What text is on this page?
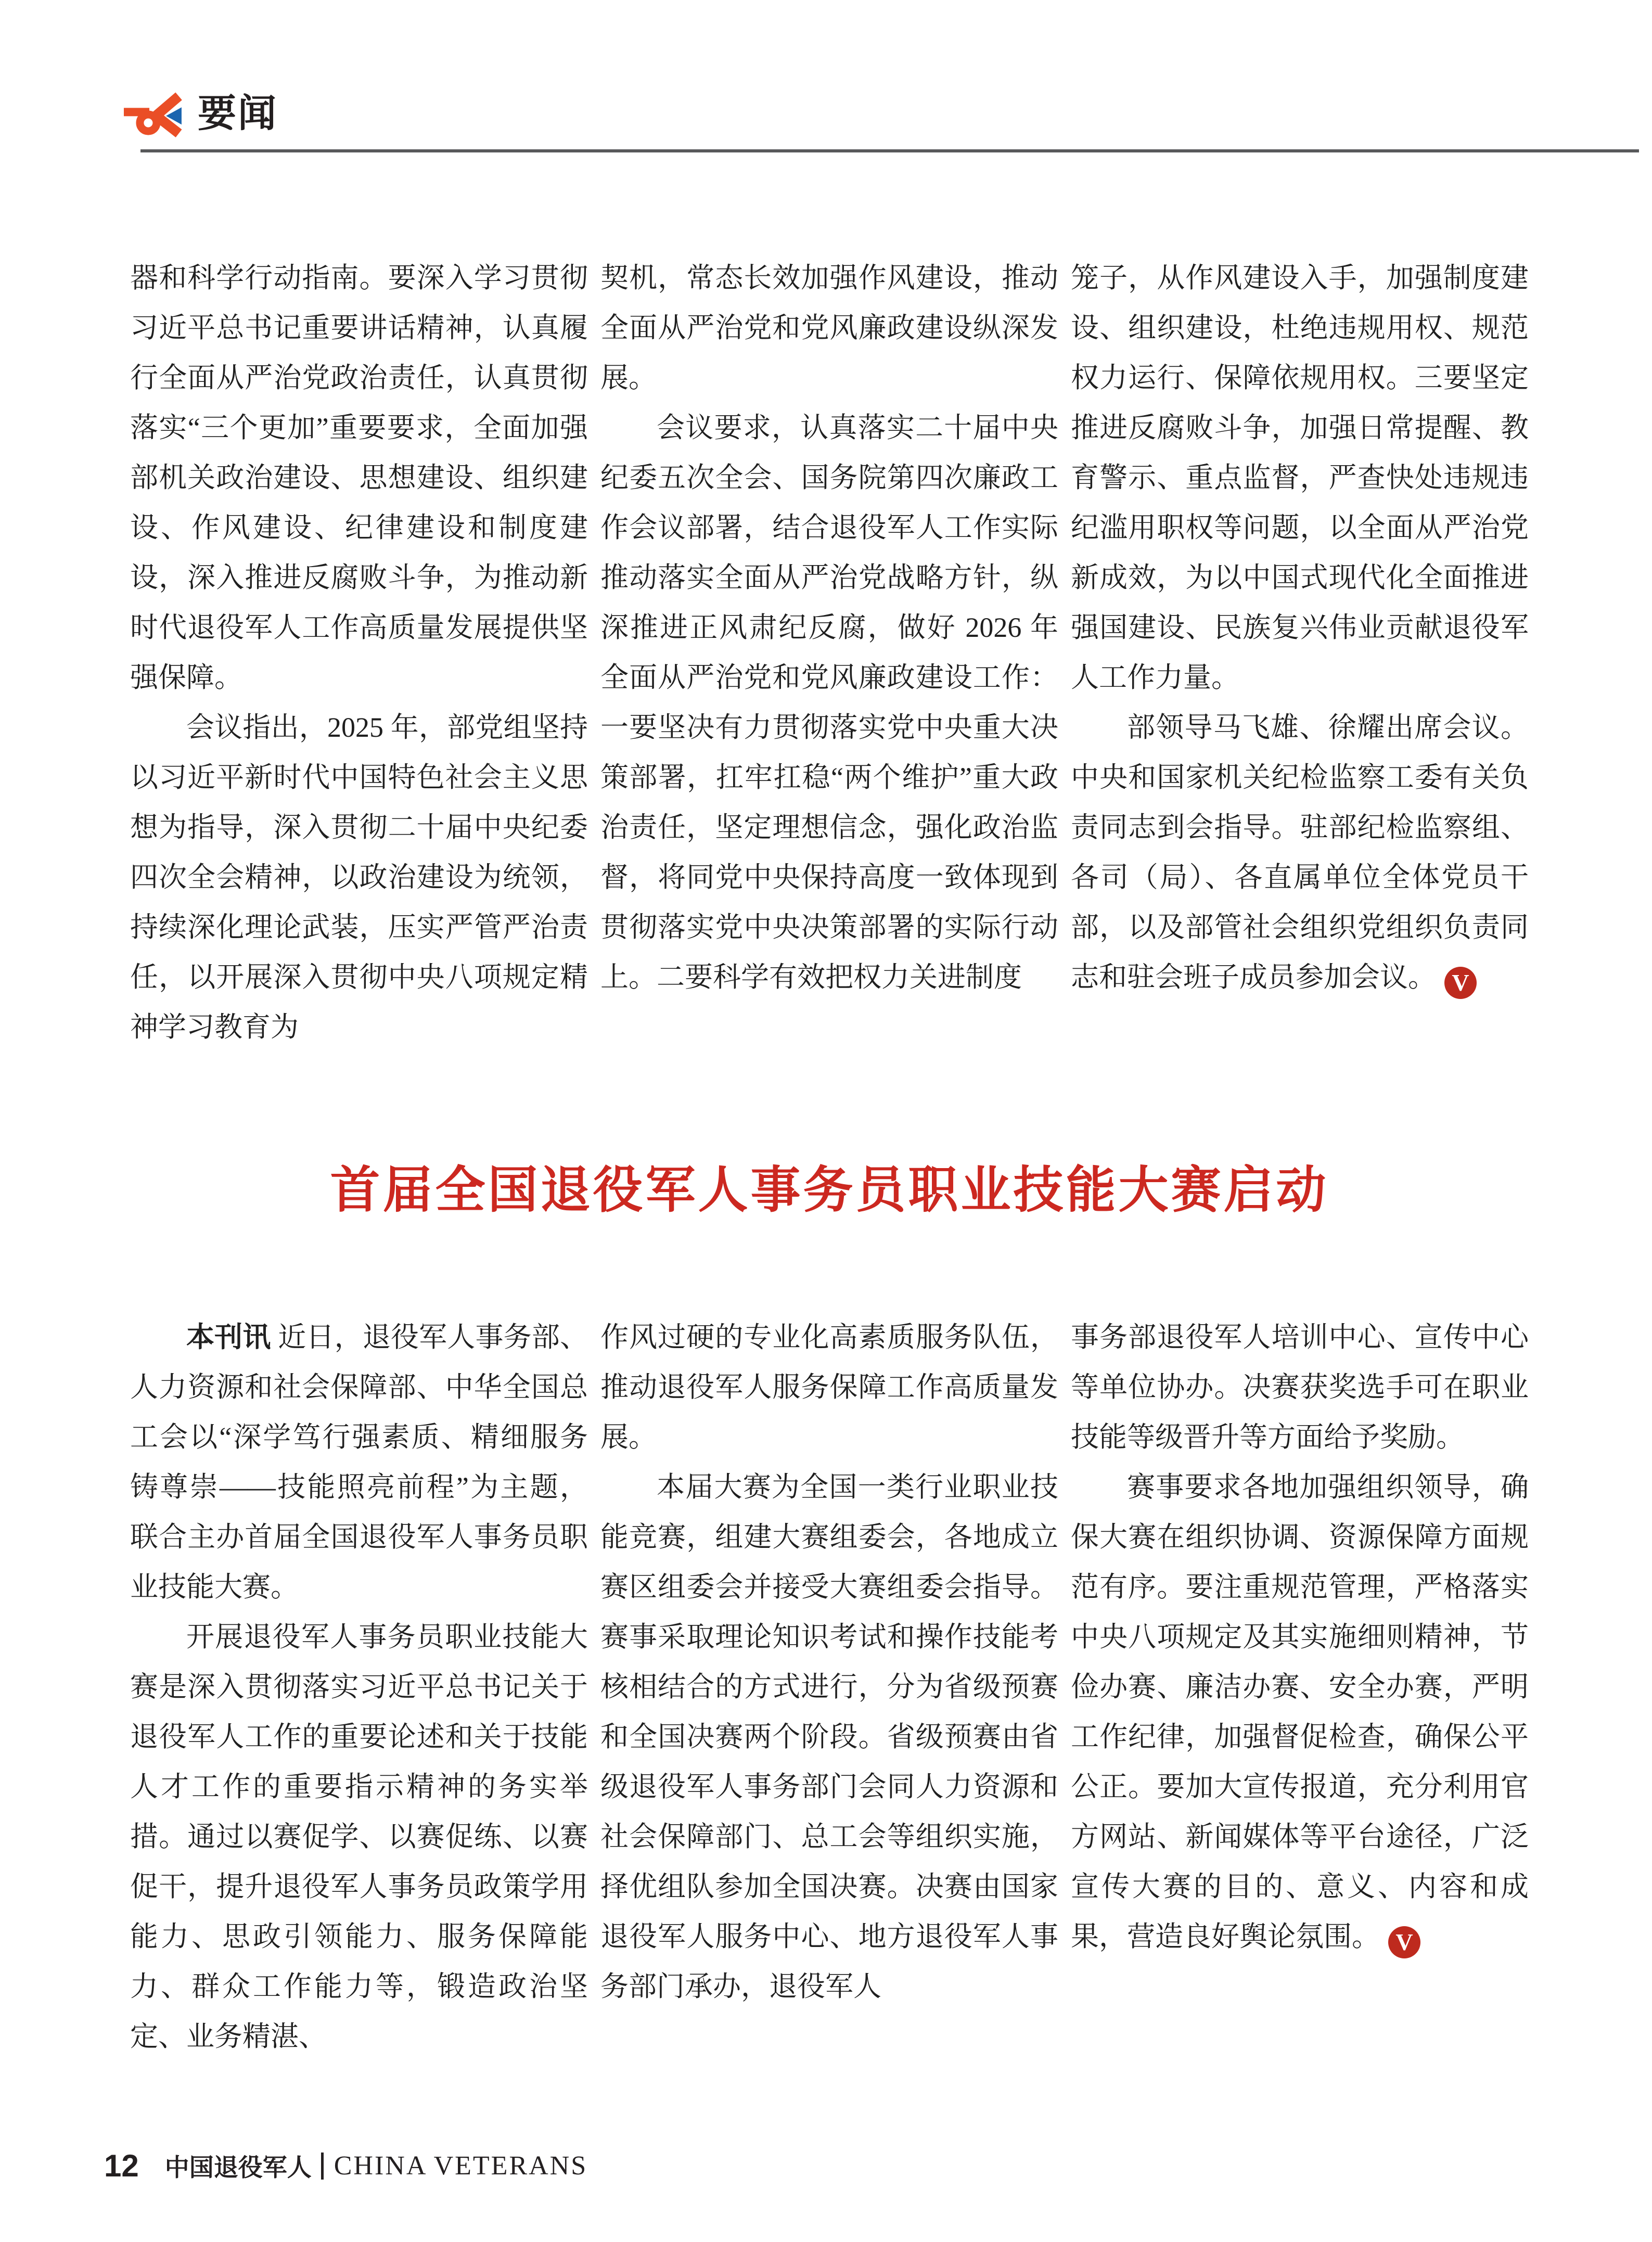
要闻

器和科学行动指南。要深入学习贯彻习近平总书记重要讲话精神，认真履行全面从严治党政治责任，认真贯彻落实“三个更加”重要要求，全面加强部机关政治建设、思想建设、组织建设、作风建设、纪律建设和制度建设，深入推进反腐败斗争，为推动新时代退役军人工作高质量发展提供坚强保障。

会议指出，2025 年，部党组坚持以习近平新时代中国特色社会主义思想为指导，深入贯彻二十届中央纪委四次全会精神，以政治建设为统领，持续深化理论武装，压实严管严治责任，以开展深入贯彻中央八项规定精神学习教育为

契机，常态长效加强作风建设，推动全面从严治党和党风廉政建设纵深发展。

会议要求，认真落实二十届中央纪委五次全会、国务院第四次廉政工作会议部署，结合退役军人工作实际推动落实全面从严治党战略方针，纵深推进正风肃纪反腐，做好 2026 年全面从严治党和党风廉政建设工作：一要坚决有力贯彻落实党中央重大决策部署，扛牢扛稳“两个维护”重大政治责任，坚定理想信念，强化政治监督，将同党中央保持高度一致体现到贯彻落实党中央决策部署的实际行动上。二要科学有效把权力关进制度

笼子，从作风建设入手，加强制度建设、组织建设，杜绝违规用权、规范权力运行、保障依规用权。三要坚定推进反腐败斗争，加强日常提醒、教育警示、重点监督，严查快处违规违纪滥用职权等问题，以全面从严治党新成效，为以中国式现代化全面推进强国建设、民族复兴伟业贡献退役军人工作力量。

部领导马飞雄、徐耀出席会议。中央和国家机关纪检监察工委有关负责同志到会指导。驻部纪检监察组、各司（局）、各直属单位全体党员干部，以及部管社会组织党组织负责同志和驻会班子成员参加会议。 V

首届全国退役军人事务员职业技能大赛启动

本刊讯 近日，退役军人事务部、人力资源和社会保障部、中华全国总工会以“深学笃行强素质、精细服务铸尊崇——技能照亮前程”为主题，联合主办首届全国退役军人事务员职业技能大赛。

开展退役军人事务员职业技能大赛是深入贯彻落实习近平总书记关于退役军人工作的重要论述和关于技能人才工作的重要指示精神的务实举措。通过以赛促学、以赛促练、以赛促干，提升退役军人事务员政策学用能力、思政引领能力、服务保障能力、群众工作能力等，锻造政治坚定、业务精湛、

作风过硬的专业化高素质服务队伍，推动退役军人服务保障工作高质量发展。

本届大赛为全国一类行业职业技能竞赛，组建大赛组委会，各地成立赛区组委会并接受大赛组委会指导。赛事采取理论知识考试和操作技能考核相结合的方式进行，分为省级预赛和全国决赛两个阶段。省级预赛由省级退役军人事务部门会同人力资源和社会保障部门、总工会等组织实施，择优组队参加全国决赛。决赛由国家退役军人服务中心、地方退役军人事务部门承办，退役军人

事务部退役军人培训中心、宣传中心等单位协办。决赛获奖选手可在职业技能等级晋升等方面给予奖励。

赛事要求各地加强组织领导，确保大赛在组织协调、资源保障方面规范有序。要注重规范管理，严格落实中央八项规定及其实施细则精神，节俭办赛、廉洁办赛、安全办赛，严明工作纪律，加强督促检查，确保公平公正。要加大宣传报道，充分利用官方网站、新闻媒体等平台途径，广泛宣传大赛的目的、意义、内容和成果，营造良好舆论氛围。 V

12 中国退役军人 CHINA VETERANS
